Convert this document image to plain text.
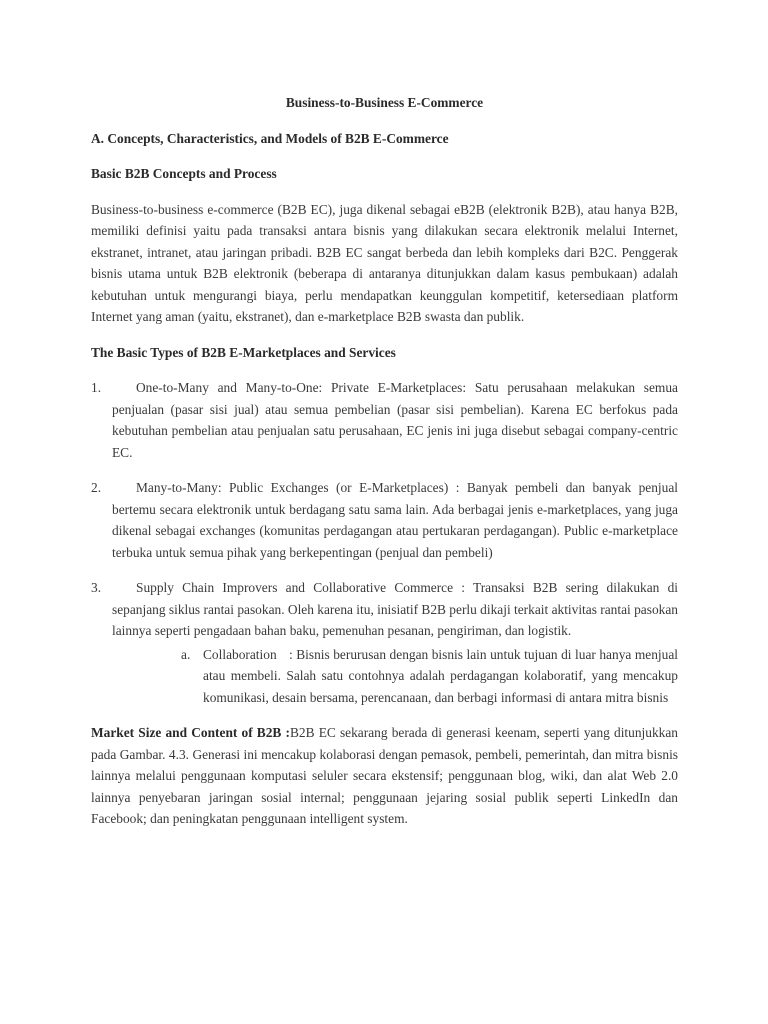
Business-to-Business E-Commerce
A. Concepts, Characteristics, and Models of B2B E-Commerce
Basic B2B Concepts and Process
Business-to-business e-commerce (B2B EC), juga dikenal sebagai eB2B (elektronik B2B), atau hanya B2B, memiliki definisi yaitu pada transaksi antara bisnis yang dilakukan secara elektronik melalui Internet, ekstranet, intranet, atau jaringan pribadi. B2B EC sangat berbeda dan lebih kompleks dari B2C. Penggerak bisnis utama untuk B2B elektronik (beberapa di antaranya ditunjukkan dalam kasus pembukaan) adalah kebutuhan untuk mengurangi biaya, perlu mendapatkan keunggulan kompetitif, ketersediaan platform Internet yang aman (yaitu, ekstranet), dan e-marketplace B2B swasta dan publik.
The Basic Types of B2B E-Marketplaces and Services
1.	One-to-Many and Many-to-One: Private E-Marketplaces: Satu perusahaan melakukan semua penjualan (pasar sisi jual) atau semua pembelian (pasar sisi pembelian). Karena EC berfokus pada kebutuhan pembelian atau penjualan satu perusahaan, EC jenis ini juga disebut sebagai company-centric EC.
2.	Many-to-Many: Public Exchanges (or E-Marketplaces) : Banyak pembeli dan banyak penjual bertemu secara elektronik untuk berdagang satu sama lain. Ada berbagai jenis e-marketplaces, yang juga dikenal sebagai exchanges (komunitas perdagangan atau pertukaran perdagangan). Public e-marketplace terbuka untuk semua pihak yang berkepentingan (penjual dan pembeli)
3.	Supply Chain Improvers and Collaborative Commerce : Transaksi B2B sering dilakukan di sepanjang siklus rantai pasokan. Oleh karena itu, inisiatif B2B perlu dikaji terkait aktivitas rantai pasokan lainnya seperti pengadaan bahan baku, pemenuhan pesanan, pengiriman, dan logistik.
a. Collaboration : Bisnis berurusan dengan bisnis lain untuk tujuan di luar hanya menjual atau membeli. Salah satu contohnya adalah perdagangan kolaboratif, yang mencakup komunikasi, desain bersama, perencanaan, dan berbagi informasi di antara mitra bisnis
Market Size and Content of B2B :B2B EC sekarang berada di generasi keenam, seperti yang ditunjukkan pada Gambar. 4.3. Generasi ini mencakup kolaborasi dengan pemasok, pembeli, pemerintah, dan mitra bisnis lainnya melalui penggunaan komputasi seluler secara ekstensif; penggunaan blog, wiki, dan alat Web 2.0 lainnya penyebaran jaringan sosial internal; penggunaan jejaring sosial publik seperti LinkedIn dan Facebook; dan peningkatan penggunaan intelligent system.
